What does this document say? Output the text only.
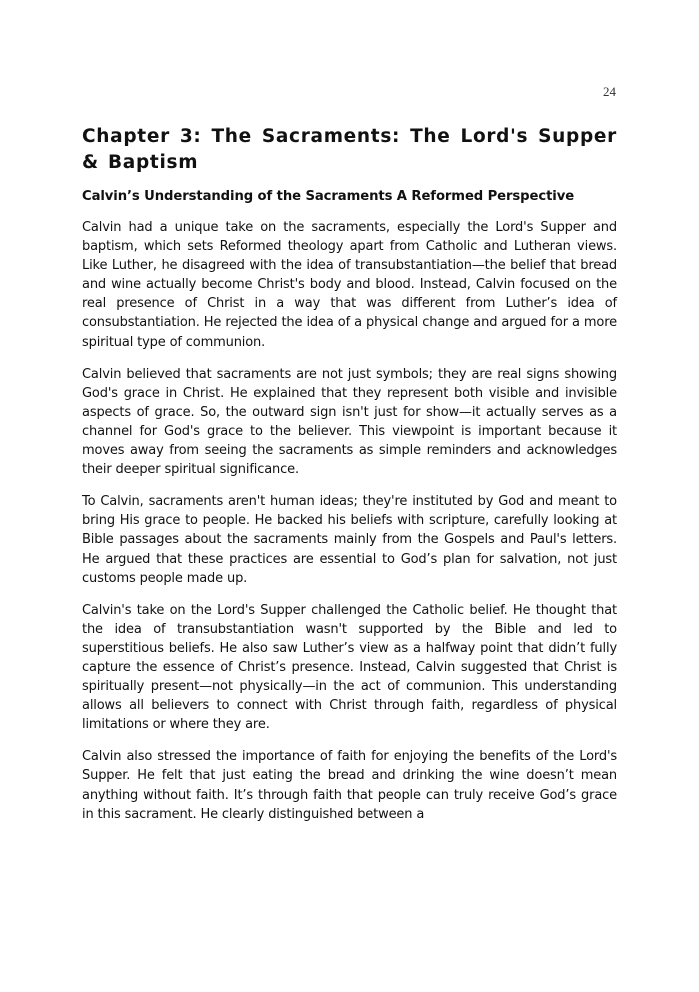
24
Chapter 3: The Sacraments: The Lord's Supper & Baptism
Calvin’s Understanding of the Sacraments A Reformed Perspective

Calvin had a unique take on the sacraments, especially the Lord's Supper and baptism, which sets Reformed theology apart from Catholic and Lutheran views. Like Luther, he disagreed with the idea of transubstantiation—the belief that bread and wine actually become Christ's body and blood. Instead, Calvin focused on the real presence of Christ in a way that was different from Luther’s idea of consubstantiation. He rejected the idea of a physical change and argued for a more spiritual type of communion.

Calvin believed that sacraments are not just symbols; they are real signs showing God's grace in Christ. He explained that they represent both visible and invisible aspects of grace. So, the outward sign isn't just for show—it actually serves as a channel for God's grace to the believer. This viewpoint is important because it moves away from seeing the sacraments as simple reminders and acknowledges their deeper spiritual significance.

To Calvin, sacraments aren't human ideas; they're instituted by God and meant to bring His grace to people. He backed his beliefs with scripture, carefully looking at Bible passages about the sacraments mainly from the Gospels and Paul's letters. He argued that these practices are essential to God’s plan for salvation, not just customs people made up.

Calvin's take on the Lord's Supper challenged the Catholic belief. He thought that the idea of transubstantiation wasn't supported by the Bible and led to superstitious beliefs. He also saw Luther’s view as a halfway point that didn’t fully capture the essence of Christ’s presence. Instead, Calvin suggested that Christ is spiritually present—not physically—in the act of communion. This understanding allows all believers to connect with Christ through faith, regardless of physical limitations or where they are.

Calvin also stressed the importance of faith for enjoying the benefits of the Lord's Supper. He felt that just eating the bread and drinking the wine doesn’t mean anything without faith. It’s through faith that people can truly receive God’s grace in this sacrament. He clearly distinguished between a
